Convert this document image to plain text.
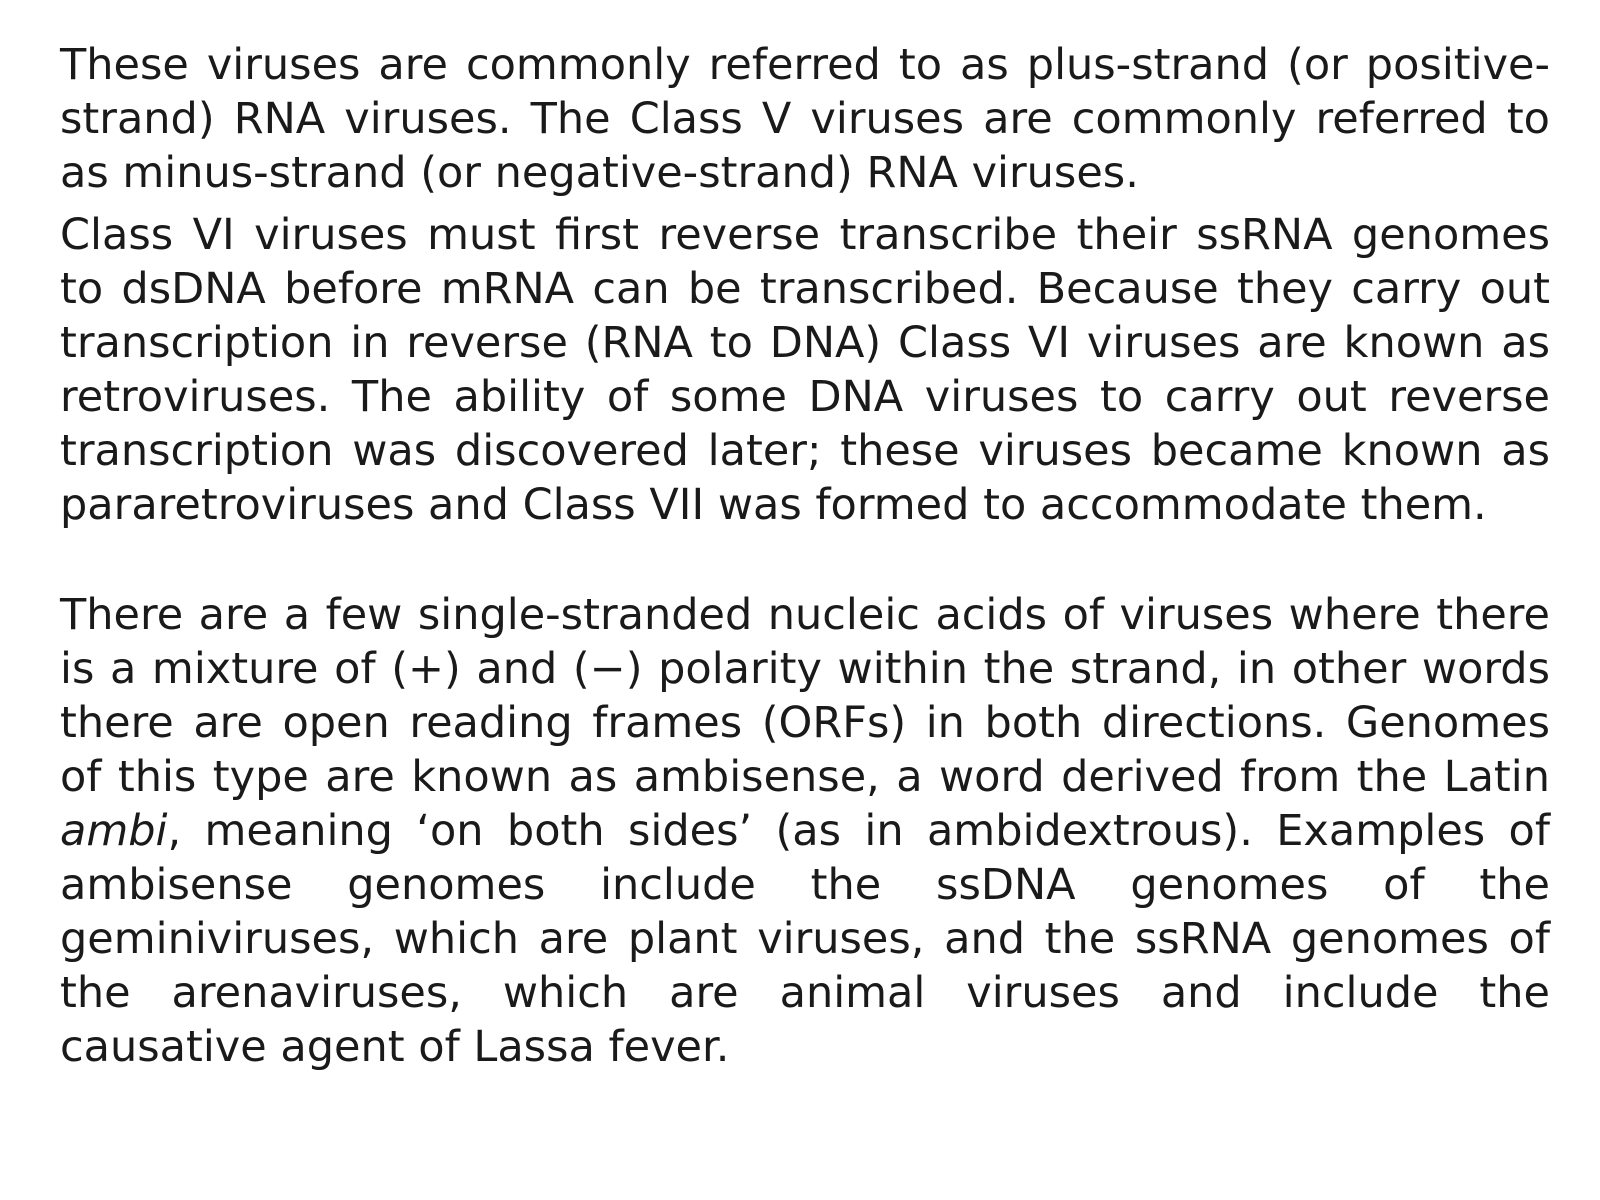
These viruses are commonly referred to as plus-strand (or positive-strand) RNA viruses. The Class V viruses are commonly referred to as minus-strand (or negative-strand) RNA viruses.

Class VI viruses must first reverse transcribe their ssRNA genomes to dsDNA before mRNA can be transcribed. Because they carry out transcription in reverse (RNA to DNA) Class VI viruses are known as retroviruses. The ability of some DNA viruses to carry out reverse transcription was discovered later; these viruses became known as pararetroviruses and Class VII was formed to accommodate them.

There are a few single-stranded nucleic acids of viruses where there is a mixture of (+) and (−) polarity within the strand, in other words there are open reading frames (ORFs) in both directions. Genomes of this type are known as ambisense, a word derived from the Latin ambi, meaning ‘on both sides’ (as in ambidextrous). Examples of ambisense genomes include the ssDNA genomes of the geminiviruses, which are plant viruses, and the ssRNA genomes of the arenaviruses, which are animal viruses and include the causative agent of Lassa fever.
